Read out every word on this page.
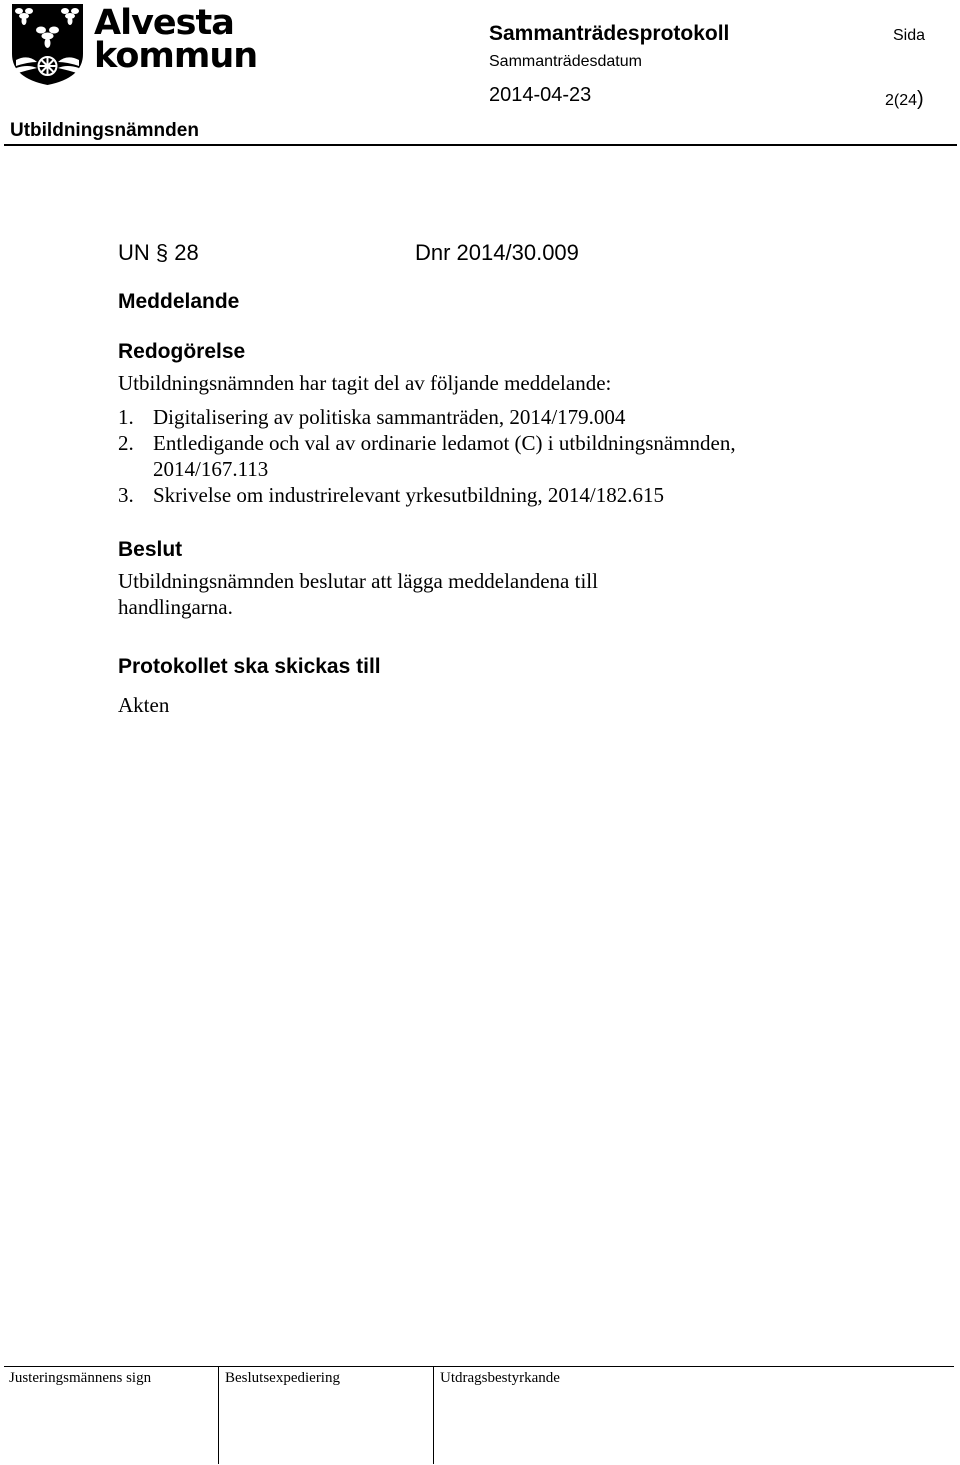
Alvesta
kommun
Sammanträdesprotokoll	Sida
Sammanträdesdatum
2014-04-23	2(24)
Utbildningsnämnden
UN § 28	Dnr 2014/30.009
Meddelande
Redogörelse
Utbildningsnämnden har tagit del av följande meddelande:
1. Digitalisering av politiska sammanträden, 2014/179.004
2. Entledigande och val av ordinarie ledamot (C) i utbildningsnämnden, 2014/167.113
3. Skrivelse om industrirelevant yrkesutbildning, 2014/182.615
Beslut
Utbildningsnämnden beslutar att lägga meddelandena till handlingarna.
Protokollet ska skickas till
Akten
Justeringsmännens sign	Beslutsexpediering	Utdragsbestyrkande
